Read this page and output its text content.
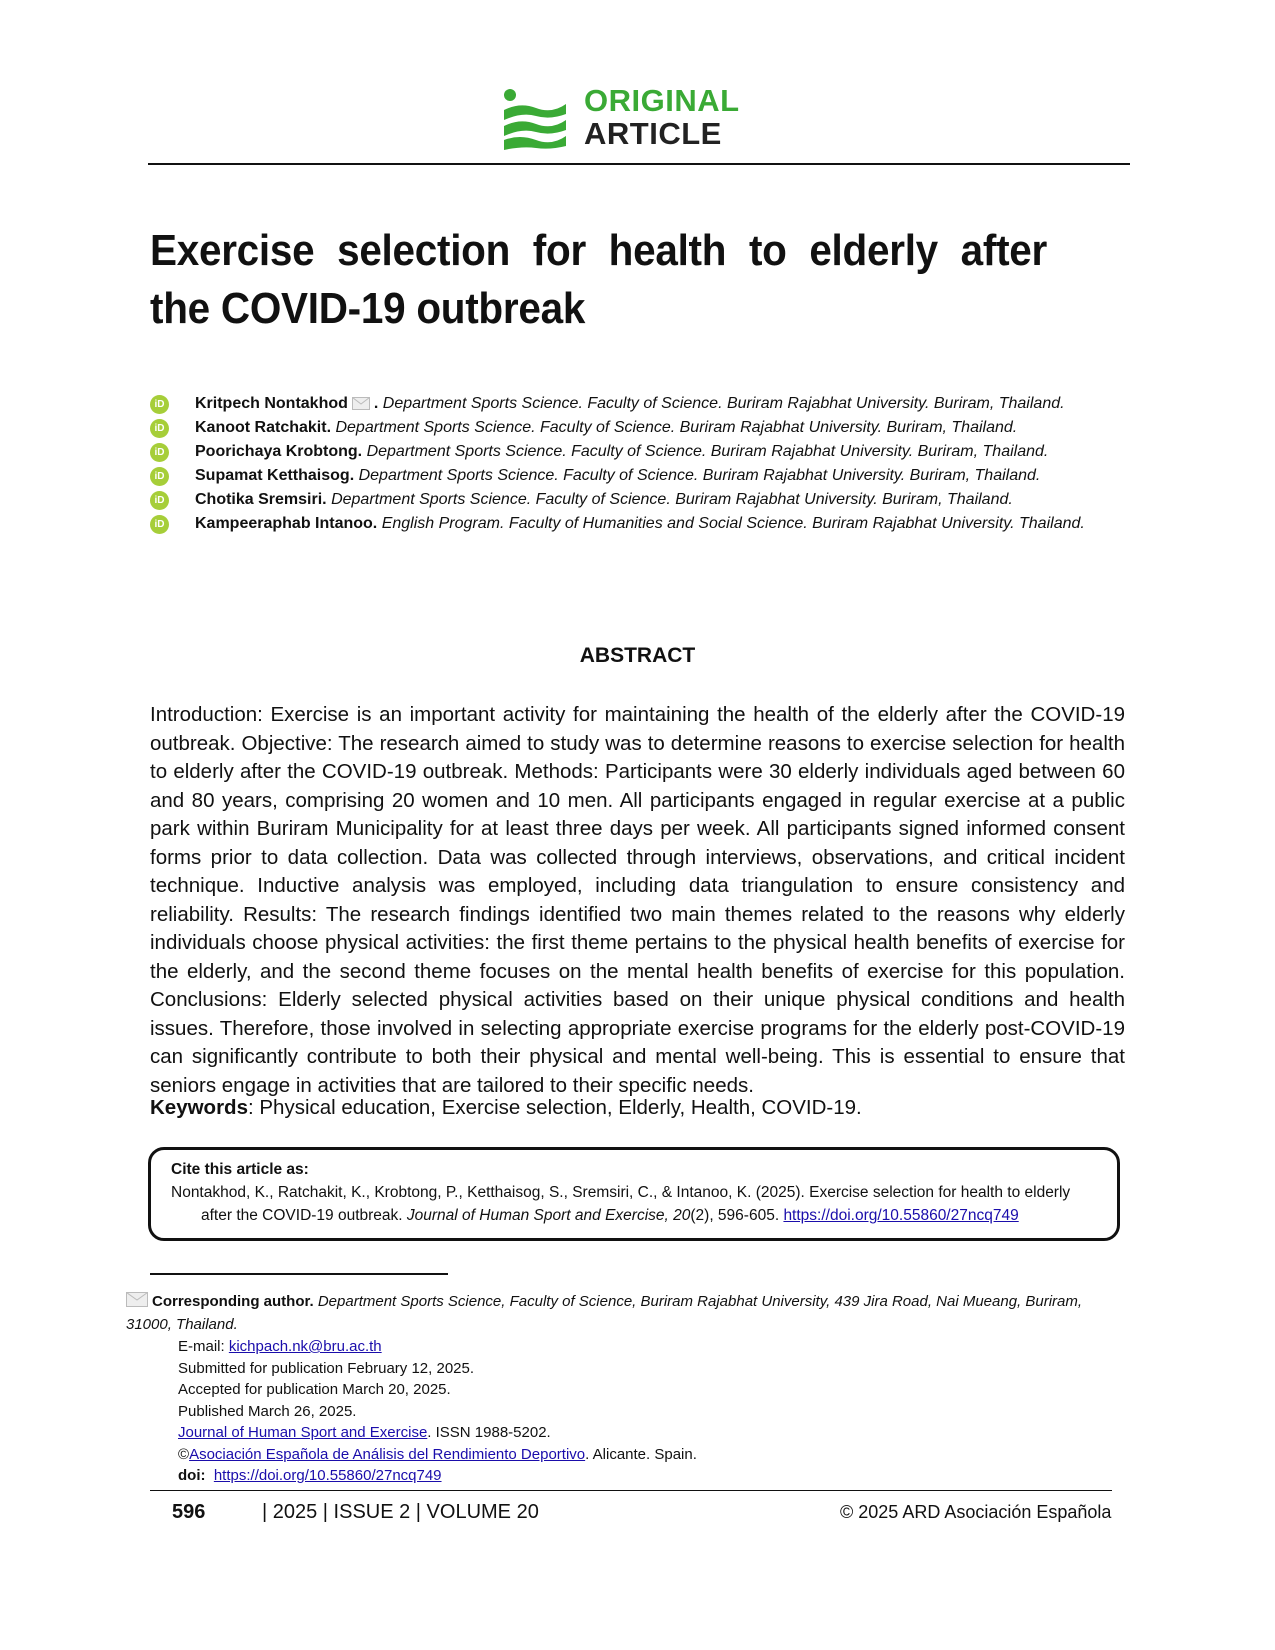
ORIGINAL
ARTICLE
Exercise selection for health to elderly after the COVID-19 outbreak
iD Kritpech Nontakhod . Department Sports Science. Faculty of Science. Buriram Rajabhat University. Buriram, Thailand.
iD Kanoot Ratchakit. Department Sports Science. Faculty of Science. Buriram Rajabhat University. Buriram, Thailand.
iD Poorichaya Krobtong. Department Sports Science. Faculty of Science. Buriram Rajabhat University. Buriram, Thailand.
iD Supamat Ketthaisog. Department Sports Science. Faculty of Science. Buriram Rajabhat University. Buriram, Thailand.
iD Chotika Sremsiri. Department Sports Science. Faculty of Science. Buriram Rajabhat University. Buriram, Thailand.
iD Kampeeraphab Intanoo. English Program. Faculty of Humanities and Social Science. Buriram Rajabhat University. Thailand.
ABSTRACT

Introduction: Exercise is an important activity for maintaining the health of the elderly after the COVID-19 outbreak. Objective: The research aimed to study was to determine reasons to exercise selection for health to elderly after the COVID-19 outbreak. Methods: Participants were 30 elderly individuals aged between 60 and 80 years, comprising 20 women and 10 men. All participants engaged in regular exercise at a public park within Buriram Municipality for at least three days per week. All participants signed informed consent forms prior to data collection. Data was collected through interviews, observations, and critical incident technique. Inductive analysis was employed, including data triangulation to ensure consistency and reliability. Results: The research findings identified two main themes related to the reasons why elderly individuals choose physical activities: the first theme pertains to the physical health benefits of exercise for the elderly, and the second theme focuses on the mental health benefits of exercise for this population. Conclusions: Elderly selected physical activities based on their unique physical conditions and health issues. Therefore, those involved in selecting appropriate exercise programs for the elderly post-COVID-19 can significantly contribute to both their physical and mental well-being. This is essential to ensure that seniors engage in activities that are tailored to their specific needs.

Keywords: Physical education, Exercise selection, Elderly, Health, COVID-19.

Cite this article as:
Nontakhod, K., Ratchakit, K., Krobtong, P., Ketthaisog, S., Sremsiri, C., & Intanoo, K. (2025). Exercise selection for health to elderly after the COVID-19 outbreak. Journal of Human Sport and Exercise, 20(2), 596-605. https://doi.org/10.55860/27ncq749
Corresponding author. Department Sports Science, Faculty of Science, Buriram Rajabhat University, 439 Jira Road, Nai Mueang, Buriram, 31000, Thailand.
E-mail: kichpach.nk@bru.ac.th
Submitted for publication February 12, 2025.
Accepted for publication March 20, 2025.
Published March 26, 2025.
Journal of Human Sport and Exercise. ISSN 1988-5202.
©Asociación Española de Análisis del Rendimiento Deportivo. Alicante. Spain.
doi: https://doi.org/10.55860/27ncq749
596	| 2025 | ISSUE 2 | VOLUME 20	© 2025 ARD Asociación Española
